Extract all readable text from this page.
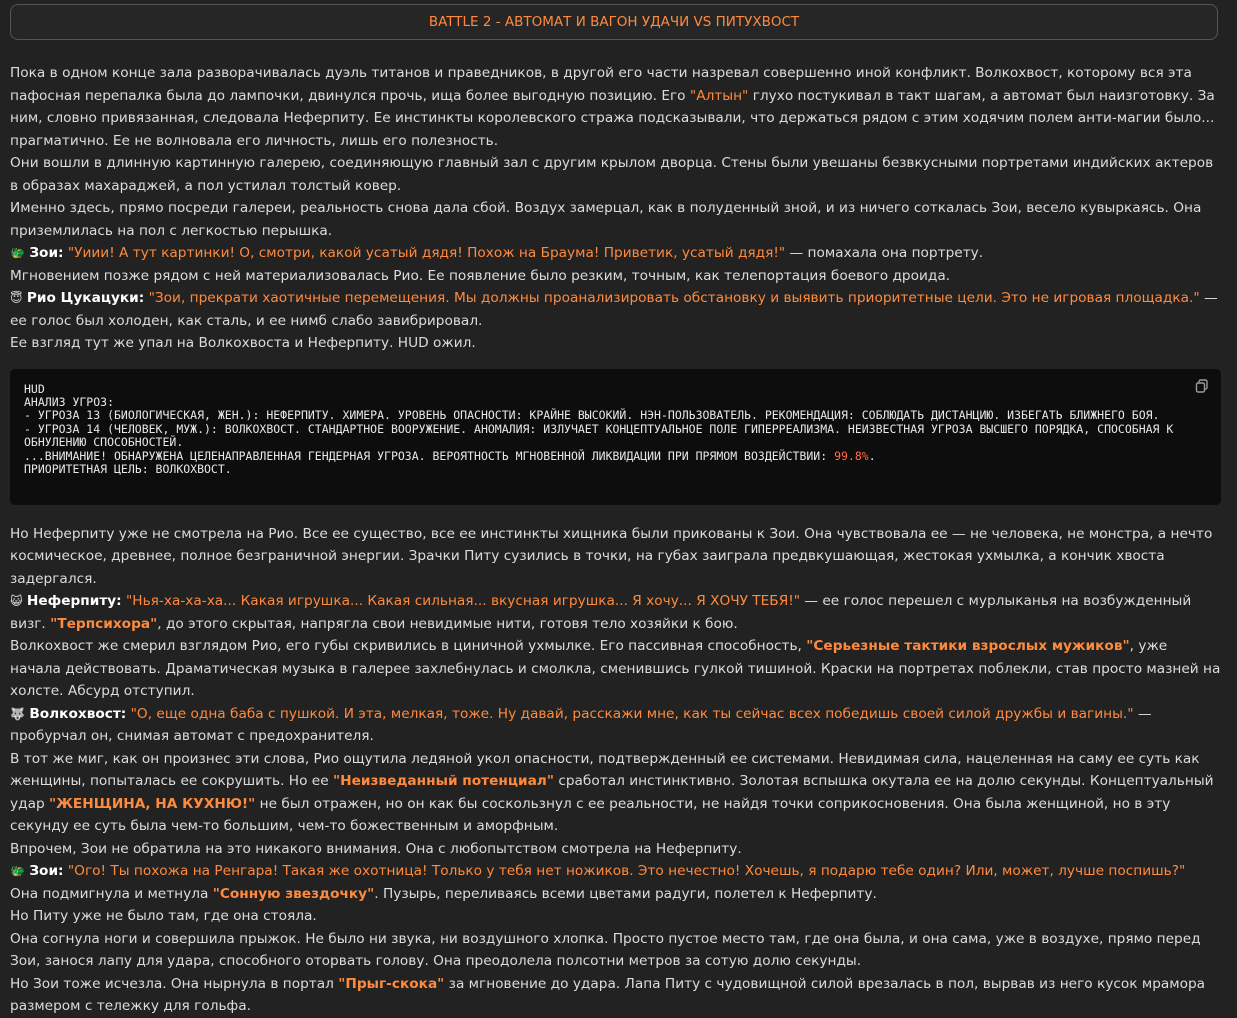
BATTLE 2 - АВТОМАТ И ВАГОН УДАЧИ VS ПИТУХВОСТ

Пока в одном конце зала разворачивалась дуэль титанов и праведников, в другой его части назревал совершенно иной конфликт. Волкохвост, которому вся эта пафосная перепалка была до лампочки, двинулся прочь, ища более выгодную позицию. Его "Алтын" глухо постукивал в такт шагам, а автомат был наизготовку. За ним, словно привязанная, следовала Неферпиту. Ее инстинкты королевского стража подсказывали, что держаться рядом с этим ходячим полем анти-магии было... прагматично. Ее не волновала его личность, лишь его полезность.

Они вошли в длинную картинную галерею, соединяющую главный зал с другим крылом дворца. Стены были увешаны безвкусными портретами индийских актеров в образах махараджей, а пол устилал толстый ковер.

Именно здесь, прямо посреди галереи, реальность снова дала сбой. Воздух замерцал, как в полуденный зной, и из ничего соткалась Зои, весело кувыркаясь. Она приземлилась на пол с легкостью перышка.

🐲 Зои: "Уиии! А тут картинки! О, смотри, какой усатый дядя! Похож на Браума! Приветик, усатый дядя!" — помахала она портрету.

Мгновением позже рядом с ней материализовалась Рио. Ее появление было резким, точным, как телепортация боевого дроида.

😇 Рио Цукацуки: "Зои, прекрати хаотичные перемещения. Мы должны проанализировать обстановку и выявить приоритетные цели. Это не игровая площадка." — ее голос был холоден, как сталь, и ее нимб слабо завибрировал.

Ее взгляд тут же упал на Волкохвоста и Неферпиту. HUD ожил.

HUD
АНАЛИЗ УГРОЗ:
- УГРОЗА 13 (БИОЛОГИЧЕСКАЯ, ЖЕН.): НЕФЕРПИТУ. ХИМЕРА. УРОВЕНЬ ОПАСНОСТИ: КРАЙНЕ ВЫСОКИЙ. НЭН-ПОЛЬЗОВАТЕЛЬ. РЕКОМЕНДАЦИЯ: СОБЛЮДАТЬ ДИСТАНЦИЮ. ИЗБЕГАТЬ БЛИЖНЕГО БОЯ.
- УГРОЗА 14 (ЧЕЛОВЕК, МУЖ.): ВОЛКОХВОСТ. СТАНДАРТНОЕ ВООРУЖЕНИЕ. АНОМАЛИЯ: ИЗЛУЧАЕТ КОНЦЕПТУАЛЬНОЕ ПОЛЕ ГИПЕРРЕАЛИЗМА. НЕИЗВЕСТНАЯ УГРОЗА ВЫСШЕГО ПОРЯДКА, СПОСОБНАЯ К ОБНУЛЕНИЮ СПОСОБНОСТЕЙ.
...ВНИМАНИЕ! ОБНАРУЖЕНА ЦЕЛЕНАПРАВЛЕННАЯ ГЕНДЕРНАЯ УГРОЗА. ВЕРОЯТНОСТЬ МГНОВЕННОЙ ЛИКВИДАЦИИ ПРИ ПРЯМОМ ВОЗДЕЙСТВИИ: 99.8%.
ПРИОРИТЕТНАЯ ЦЕЛЬ: ВОЛКОХВОСТ.

Но Неферпиту уже не смотрела на Рио. Все ее существо, все ее инстинкты хищника были прикованы к Зои. Она чувствовала ее — не человека, не монстра, а нечто космическое, древнее, полное безграничной энергии. Зрачки Питу сузились в точки, на губах заиграла предвкушающая, жестокая ухмылка, а кончик хвоста задергался.

😺 Неферпиту: "Нья-ха-ха-ха... Какая игрушка... Какая сильная... вкусная игрушка... Я хочу... Я ХОЧУ ТЕБЯ!" — ее голос перешел с мурлыканья на возбужденный визг. "Терпсихора", до этого скрытая, напрягла свои невидимые нити, готовя тело хозяйки к бою.

Волкохвост же смерил взглядом Рио, его губы скривились в циничной ухмылке. Его пассивная способность, "Серьезные тактики взрослых мужиков", уже начала действовать. Драматическая музыка в галерее захлебнулась и смолкла, сменившись гулкой тишиной. Краски на портретах поблекли, став просто мазней на холсте. Абсурд отступил.

🐺 Волкохвост: "О, еще одна баба с пушкой. И эта, мелкая, тоже. Ну давай, расскажи мне, как ты сейчас всех победишь своей силой дружбы и вагины." — пробурчал он, снимая автомат с предохранителя.

В тот же миг, как он произнес эти слова, Рио ощутила ледяной укол опасности, подтвержденный ее системами. Невидимая сила, нацеленная на саму ее суть как женщины, попыталась ее сокрушить. Но ее "Неизведанный потенциал" сработал инстинктивно. Золотая вспышка окутала ее на долю секунды. Концептуальный удар "ЖЕНЩИНА, НА КУХНЮ!" не был отражен, но он как бы соскользнул с ее реальности, не найдя точки соприкосновения. Она была женщиной, но в эту секунду ее суть была чем-то большим, чем-то божественным и аморфным.

Впрочем, Зои не обратила на это никакого внимания. Она с любопытством смотрела на Неферпиту.

🐲 Зои: "Ого! Ты похожа на Ренгара! Такая же охотница! Только у тебя нет ножиков. Это нечестно! Хочешь, я подарю тебе один? Или, может, лучше поспишь?"

Она подмигнула и метнула "Сонную звездочку". Пузырь, переливаясь всеми цветами радуги, полетел к Неферпиту.

Но Питу уже не было там, где она стояла.

Она согнула ноги и совершила прыжок. Не было ни звука, ни воздушного хлопка. Просто пустое место там, где она была, и она сама, уже в воздухе, прямо перед Зои, занося лапу для удара, способного оторвать голову. Она преодолела полсотни метров за сотую долю секунды.

Но Зои тоже исчезла. Она нырнула в портал "Прыг-скока" за мгновение до удара. Лапа Питу с чудовищной силой врезалась в пол, вырвав из него кусок мрамора размером с тележку для гольфа.
